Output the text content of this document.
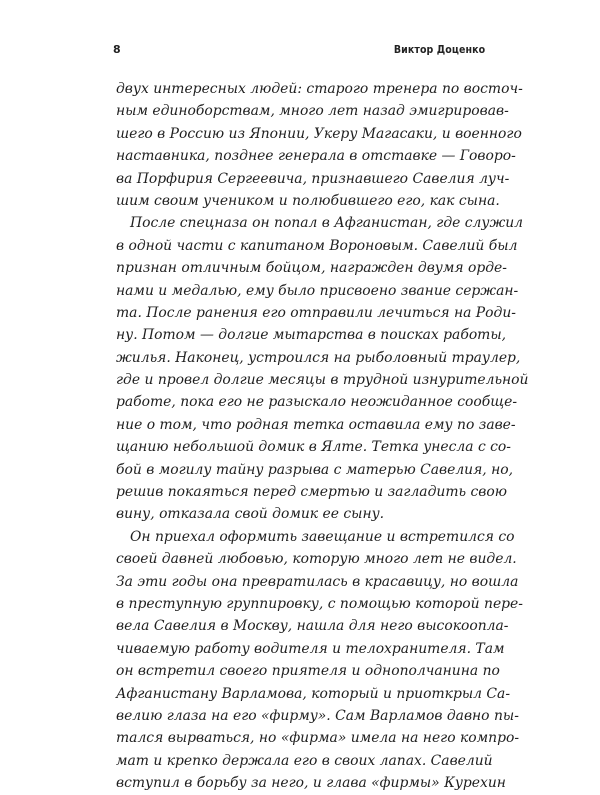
8	Виктор Доценко
двух интересных людей: старого тренера по восточ-
ным единоборствам, много лет назад эмигрировав-
шего в Россию из Японии, Укеру Магасаки, и военного
наставника, позднее генерала в отставке — Говоро-
ва Порфирия Сергеевича, признавшего Савелия луч-
шим своим учеником и полюбившего его, как сына.
После спецназа он попал в Афганистан, где служил
в одной части с капитаном Вороновым. Савелий был
признан отличным бойцом, награжден двумя орде-
нами и медалью, ему было присвоено звание сержан-
та. После ранения его отправили лечиться на Роди-
ну. Потом — долгие мытарства в поисках работы,
жилья. Наконец, устроился на рыболовный траулер,
где и провел долгие месяцы в трудной изнурительной
работе, пока его не разыскало неожиданное сообще-
ние о том, что родная тетка оставила ему по заве-
щанию небольшой домик в Ялте. Тетка унесла с со-
бой в могилу тайну разрыва с матерью Савелия, но,
решив покаяться перед смертью и загладить свою
вину, отказала свой домик ее сыну.
Он приехал оформить завещание и встретился со
своей давней любовью, которую много лет не видел.
За эти годы она превратилась в красавицу, но вошла
в преступную группировку, с помощью которой пере-
вела Савелия в Москву, нашла для него высокоопла-
чиваемую работу водителя и телохранителя. Там
он встретил своего приятеля и однополчанина по
Афганистану Варламова, который и приоткрыл Са-
велию глаза на его «фирму». Сам Варламов давно пы-
тался вырваться, но «фирма» имела на него компро-
мат и крепко держала его в своих лапах. Савелий
вступил в борьбу за него, и глава «фирмы» Курехин
